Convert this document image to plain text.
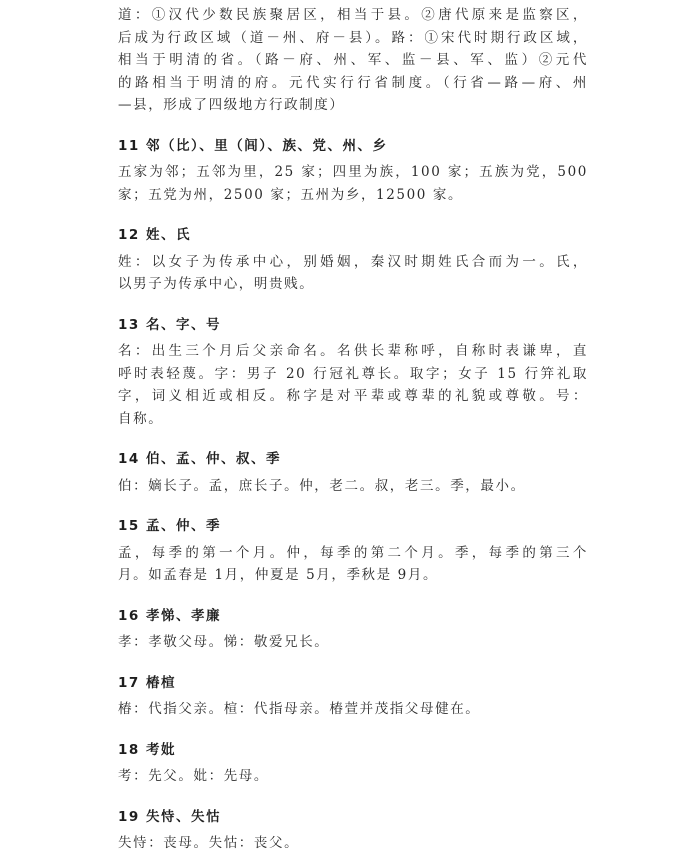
道：①汉代少数民族聚居区，相当于县。②唐代原来是监察区，
后成为行政区域（道－州、府－县）。路：①宋代时期行政区域，
相当于明清的省。（路－府、州、军、监－县、军、监）②元代
的路相当于明清的府。元代实行行省制度。（行省—路—府、州
—县，形成了四级地方行政制度）
11 邻（比）、里（闾）、族、党、州、乡
五家为邻；五邻为里，25 家；四里为族，100 家；五族为党，500
家；五党为州，2500 家；五州为乡，12500 家。
12 姓、氏
姓：以女子为传承中心，别婚姻，秦汉时期姓氏合而为一。氏，
以男子为传承中心，明贵贱。
13 名、字、号
名：出生三个月后父亲命名。名供长辈称呼，自称时表谦卑，直
呼时表轻蔑。字：男子 20 行冠礼尊长。取字；女子 15 行笄礼取
字，词义相近或相反。称字是对平辈或尊辈的礼貌或尊敬。号：
自称。
14 伯、孟、仲、叔、季
伯：嫡长子。孟，庶长子。仲，老二。叔，老三。季，最小。
15 孟、仲、季
孟，每季的第一个月。仲，每季的第二个月。季，每季的第三个
月。如孟春是 1月，仲夏是 5月，季秋是 9月。
16 孝悌、孝廉
孝：孝敬父母。悌：敬爱兄长。
17 椿楦
椿：代指父亲。楦：代指母亲。椿萱并茂指父母健在。
18 考妣
考：先父。妣：先母。
19 失恃、失怙
失恃：丧母。失怙：丧父。
